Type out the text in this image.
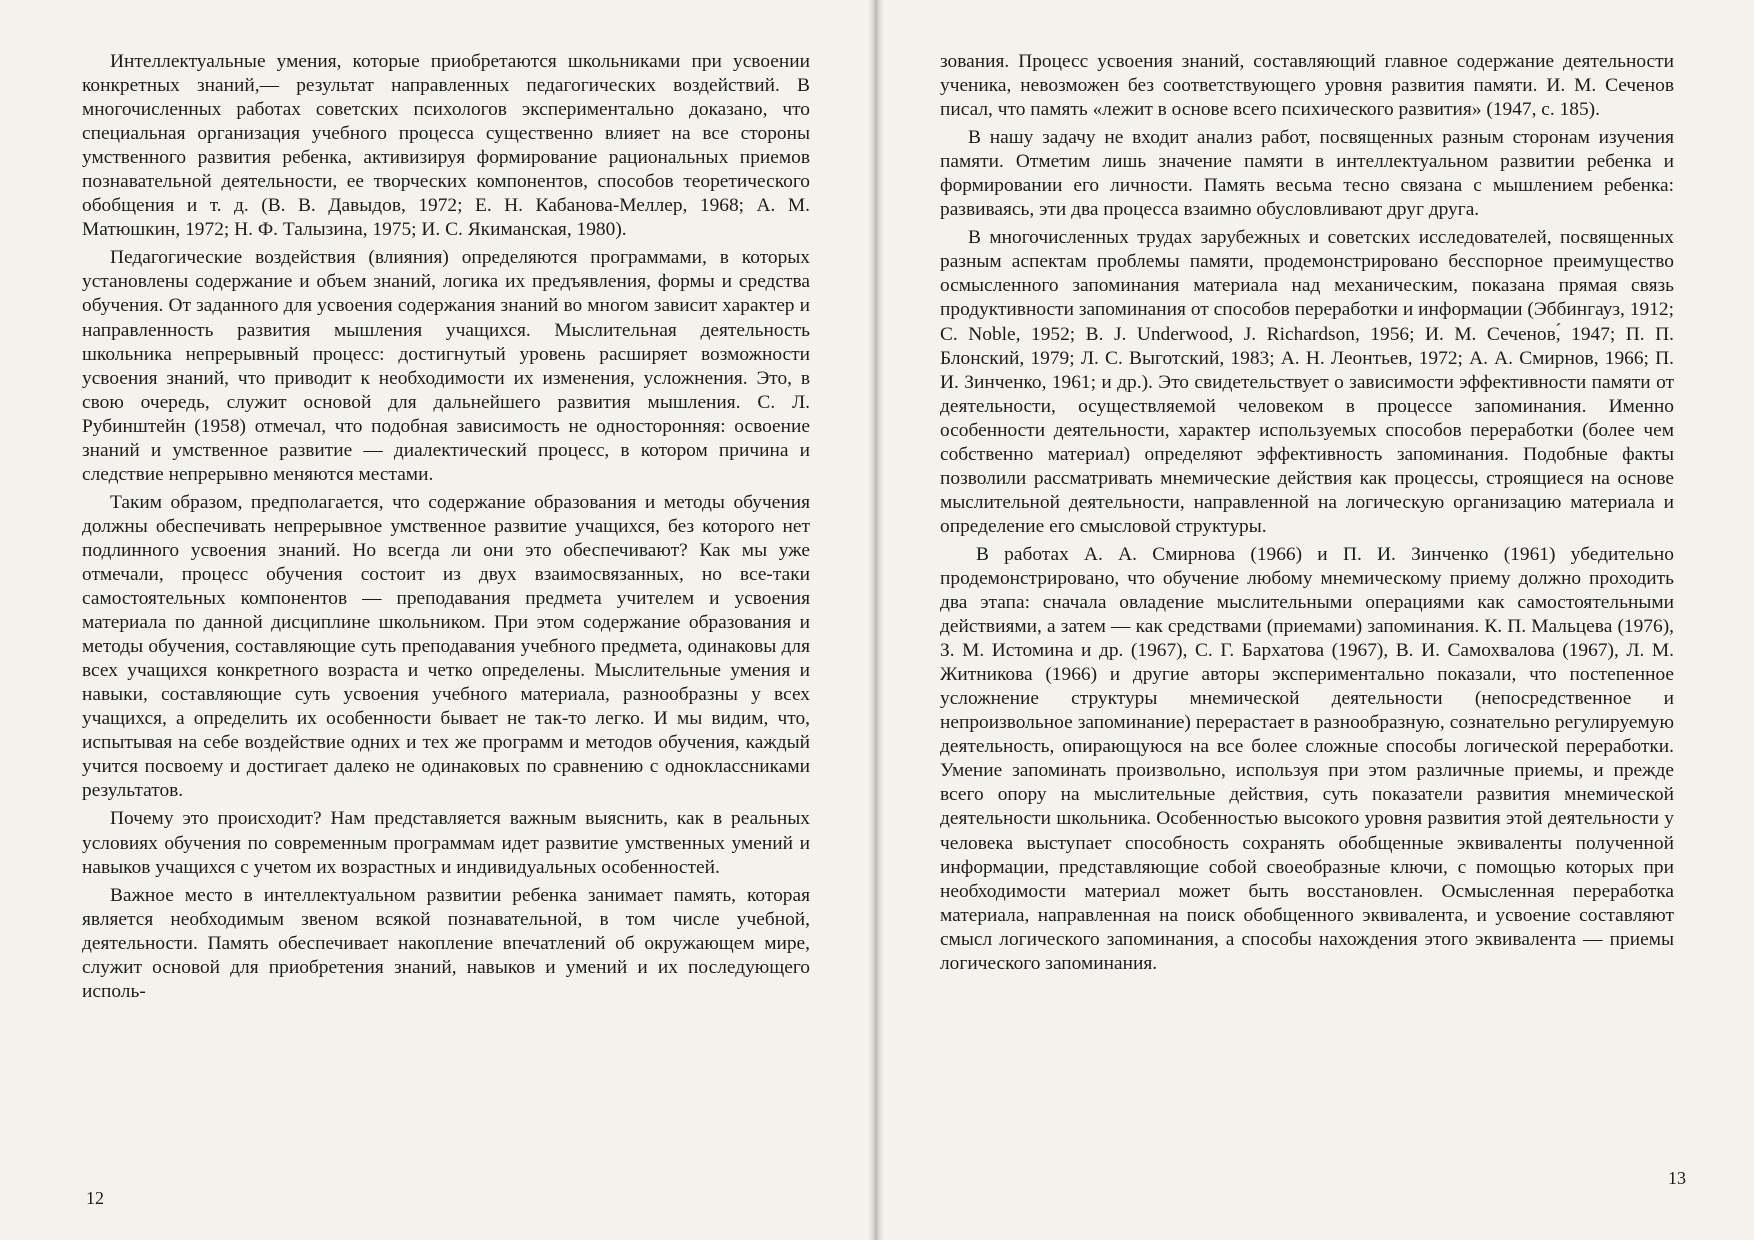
Интеллектуальные умения, которые приобретаются школьниками при усвоении конкретных знаний,— результат направленных педагогических воздействий. В многочисленных работах советских психологов экспериментально доказано, что специальная организация учебного процесса существенно влияет на все стороны умственного развития ребенка, активизируя формирование рациональных приемов познавательной деятельности, ее творческих компонентов, способов теоретического обобщения и т. д. (В. В. Давыдов, 1972; Е. Н. Кабанова-Меллер, 1968; А. М. Матюшкин, 1972; Н. Ф. Талызина, 1975; И. С. Якиманская, 1980).

Педагогические воздействия (влияния) определяются программами, в которых установлены содержание и объем знаний, логика их предъявления, формы и средства обучения. От заданного для усвоения содержания знаний во многом зависит характер и направленность развития мышления учащихся. Мыслительная деятельность школьника непрерывный процесс: достигнутый уровень расширяет возможности усвоения знаний, что приводит к необходимости их изменения, усложнения. Это, в свою очередь, служит основой для дальнейшего развития мышления. С. Л. Рубинштейн (1958) отмечал, что подобная зависимость не односторонняя: освоение знаний и умственное развитие — диалектический процесс, в котором причина и следствие непрерывно меняются местами.

Таким образом, предполагается, что содержание образования и методы обучения должны обеспечивать непрерывное умственное развитие учащихся, без которого нет подлинного усвоения знаний. Но всегда ли они это обеспечивают? Как мы уже отмечали, процесс обучения состоит из двух взаимосвязанных, но все-таки самостоятельных компонентов — преподавания предмета учителем и усвоения материала по данной дисциплине школьником. При этом содержание образования и методы обучения, составляющие суть преподавания учебного предмета, одинаковы для всех учащихся конкретного возраста и четко определены. Мыслительные умения и навыки, составляющие суть усвоения учебного материала, разнообразны у всех учащихся, а определить их особенности бывает не так-то легко. И мы видим, что, испытывая на себе воздействие одних и тех же программ и методов обучения, каждый учится посвоему и достигает далеко не одинаковых по сравнению с одноклассниками результатов.

Почему это происходит? Нам представляется важным выяснить, как в реальных условиях обучения по современным программам идет развитие умственных умений и навыков учащихся с учетом их возрастных и индивидуальных особенностей.

Важное место в интеллектуальном развитии ребенка занимает память, которая является необходимым звеном всякой познавательной, в том числе учебной, деятельности. Память обеспечивает накопление впечатлений об окружающем мире, служит основой для приобретения знаний, навыков и умений и их последующего исполь-

зования. Процесс усвоения знаний, составляющий главное содержание деятельности ученика, невозможен без соответствующего уровня развития памяти. И. М. Сеченов писал, что память «лежит в основе всего психического развития» (1947, с. 185).

В нашу задачу не входит анализ работ, посвященных разным сторонам изучения памяти. Отметим лишь значение памяти в интеллектуальном развитии ребенка и формировании его личности. Память весьма тесно связана с мышлением ребенка: развиваясь, эти два процесса взаимно обусловливают друг друга.

В многочисленных трудах зарубежных и советских исследователей, посвященных разным аспектам проблемы памяти, продемонстрировано бесспорное преимущество осмысленного запоминания материала над механическим, показана прямая связь продуктивности запоминания от способов переработки и информации (Эббингауз, 1912; C. Noble, 1952; B. J. Underwood, J. Richardson, 1956; И. М. Сеченов,́ 1947; П. П. Блонский, 1979; Л. С. Выготский, 1983; А. Н. Леонтьев, 1972; А. А. Смирнов, 1966; П. И. Зинченко, 1961; и др.). Это свидетельствует о зависимости эффективности памяти от деятельности, осуществляемой человеком в процессе запоминания. Именно особенности деятельности, характер используемых способов переработки (более чем собственно материал) определяют эффективность запоминания. Подобные факты позволили рассматривать мнемические действия как процессы, строящиеся на основе мыслительной деятельности, направленной на логическую организацию материала и определение его смысловой структуры.

В работах А. А. Смирнова (1966) и П. И. Зинченко (1961) убедительно продемонстрировано, что обучение любому мнемическому приему должно проходить два этапа: сначала овладение мыслительными операциями как самостоятельными действиями, а затем — как средствами (приемами) запоминания. К. П. Мальцева (1976), З. М. Истомина и др. (1967), С. Г. Бархатова (1967), В. И. Самохвалова (1967), Л. М. Житникова (1966) и другие авторы экспериментально показали, что постепенное усложнение структуры мнемической деятельности (непосредственное и непроизвольное запоминание) перерастает в разнообразную, сознательно регулируемую деятельность, опирающуюся на все более сложные способы логической переработки. Умение запоминать произвольно, используя при этом различные приемы, и прежде всего опору на мыслительные действия, суть показатели развития мнемической деятельности школьника. Особенностью высокого уровня развития этой деятельности у человека выступает способность сохранять обобщенные эквиваленты полученной информации, представляющие собой своеобразные ключи, с помощью которых при необходимости материал может быть восстановлен. Осмысленная переработка материала, направленная на поиск обобщенного эквивалента, и усвоение составляют смысл логического запоминания, а способы нахождения этого эквивалента — приемы логического запоминания.

12
13
